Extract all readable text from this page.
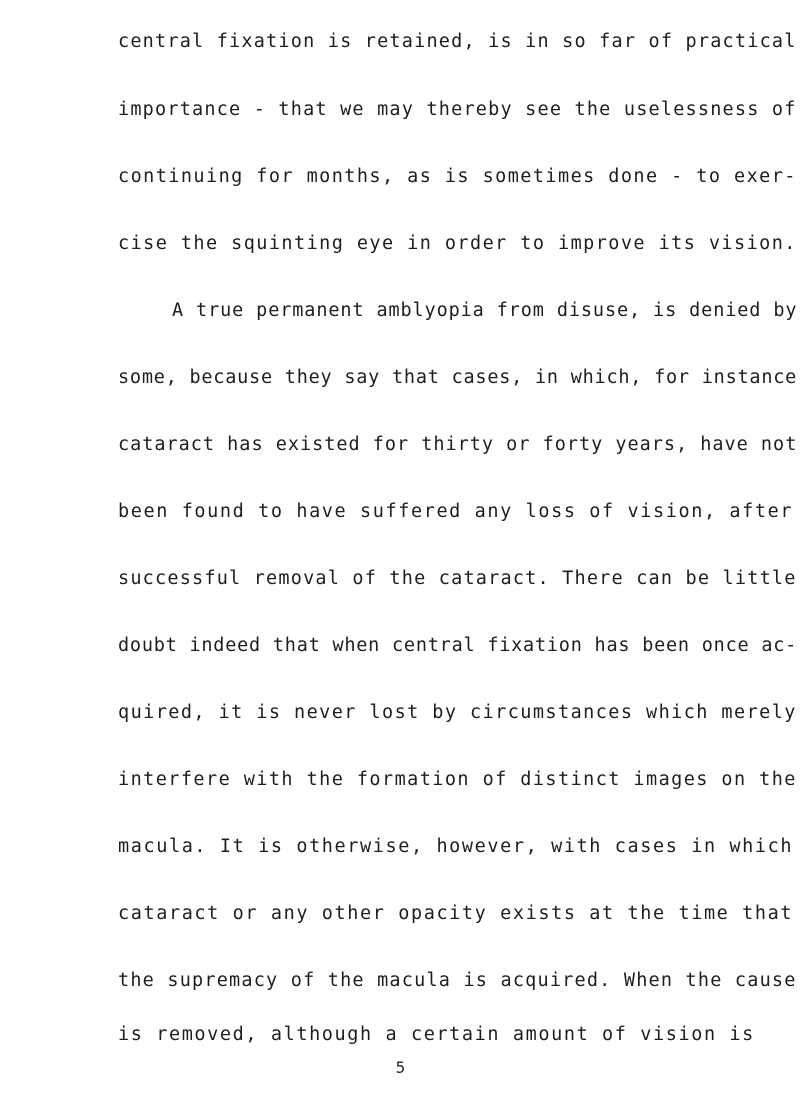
central fixation is retained, is in so far of practical
importance - that we may thereby see the uselessness of
continuing for months, as is sometimes done - to exer-
cise the squinting eye in order to improve its vision.
A true permanent amblyopia from disuse, is denied by
some, because they say that cases, in which, for instance
cataract has existed for thirty or forty years, have not
been found to have suffered any loss of vision, after
successful removal of the cataract. There can be little
doubt indeed that when central fixation has been once ac-
quired, it is never lost by circumstances which merely
interfere with the formation of distinct images on the
macula. It is otherwise, however, with cases in which
cataract or any other opacity exists at the time that
the supremacy of the macula is acquired. When the cause
is removed, although a certain amount of vision is
5
